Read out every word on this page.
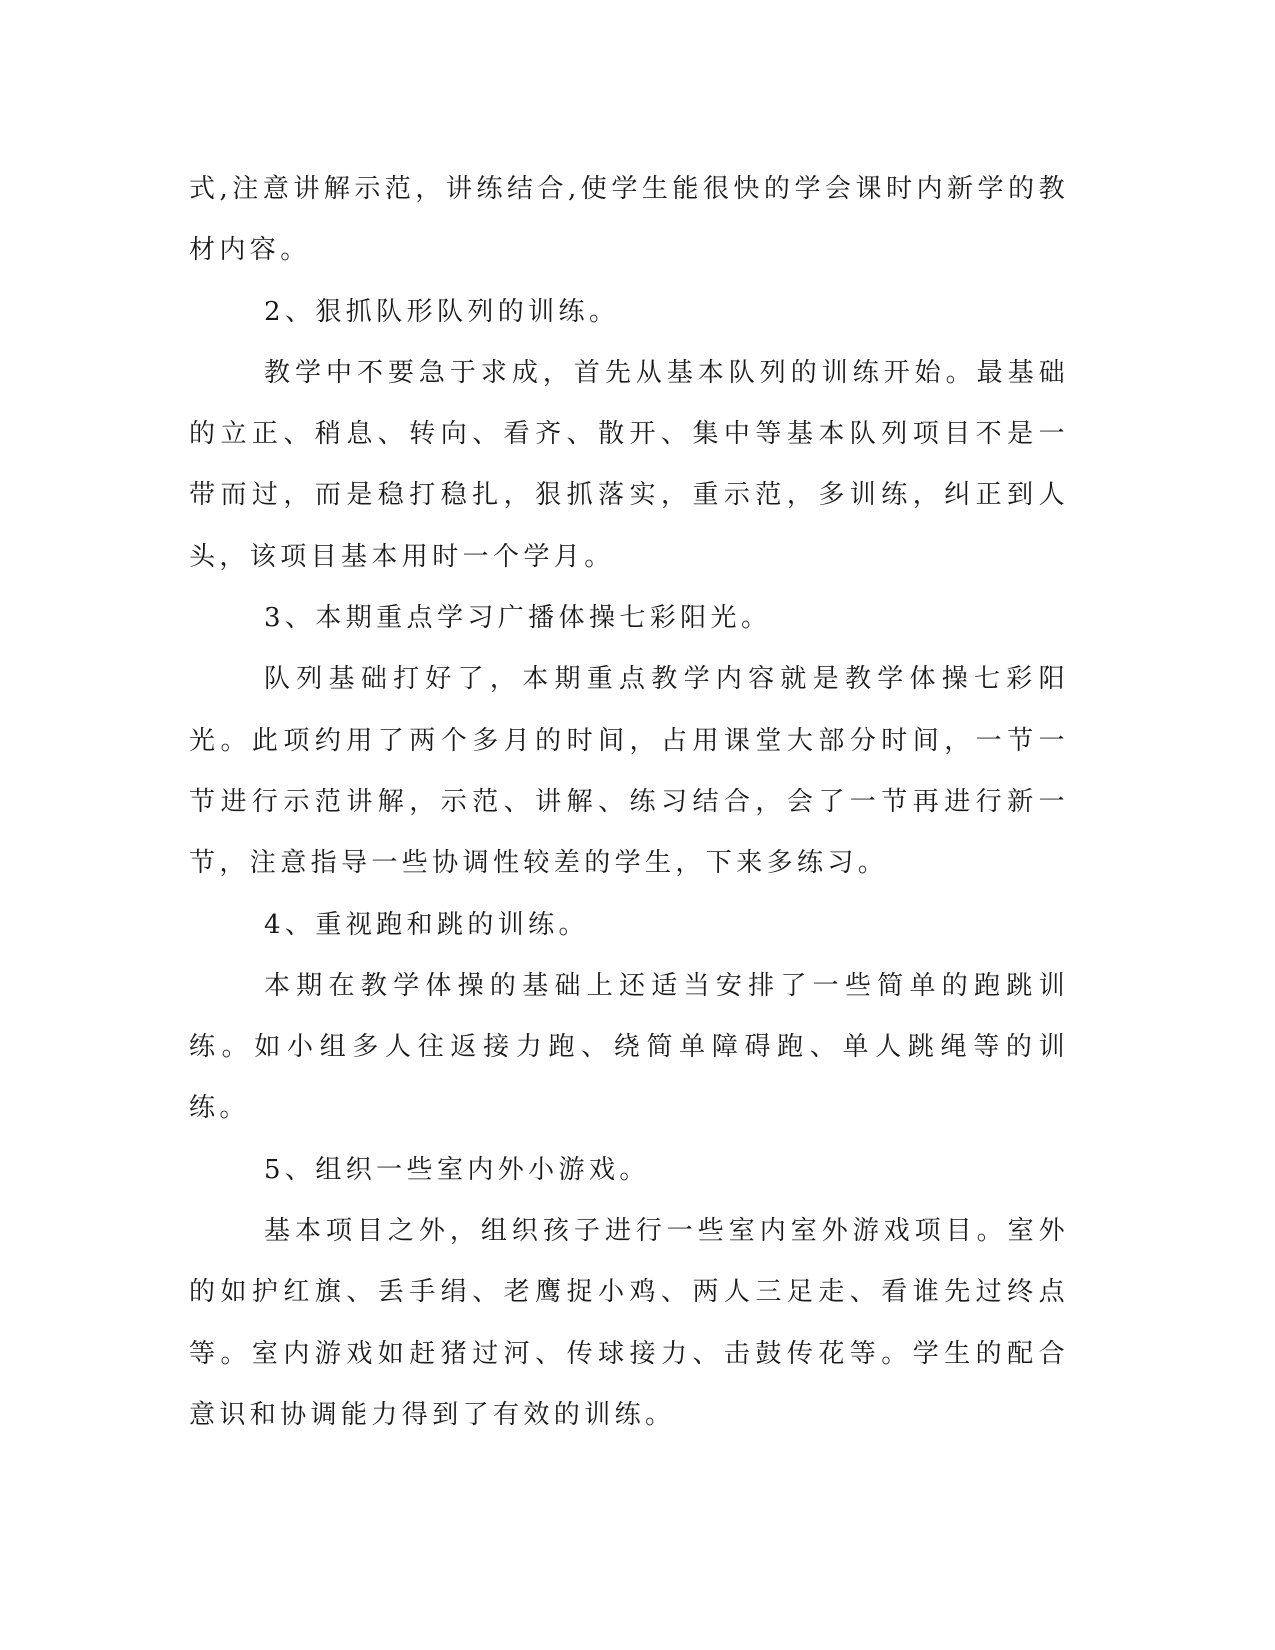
式,注意讲解示范，讲练结合,使学生能很快的学会课时内新学的教材内容。

2、狠抓队形队列的训练。

教学中不要急于求成，首先从基本队列的训练开始。最基础的立正、稍息、转向、看齐、散开、集中等基本队列项目不是一带而过，而是稳打稳扎，狠抓落实，重示范，多训练，纠正到人头，该项目基本用时一个学月。

3、本期重点学习广播体操七彩阳光。

队列基础打好了，本期重点教学内容就是教学体操七彩阳光。此项约用了两个多月的时间，占用课堂大部分时间，一节一节进行示范讲解，示范、讲解、练习结合，会了一节再进行新一节，注意指导一些协调性较差的学生，下来多练习。

4、重视跑和跳的训练。

本期在教学体操的基础上还适当安排了一些简单的跑跳训练。如小组多人往返接力跑、绕简单障碍跑、单人跳绳等的训练。

5、组织一些室内外小游戏。

基本项目之外，组织孩子进行一些室内室外游戏项目。室外的如护红旗、丢手绢、老鹰捉小鸡、两人三足走、看谁先过终点等。室内游戏如赶猪过河、传球接力、击鼓传花等。学生的配合意识和协调能力得到了有效的训练。
